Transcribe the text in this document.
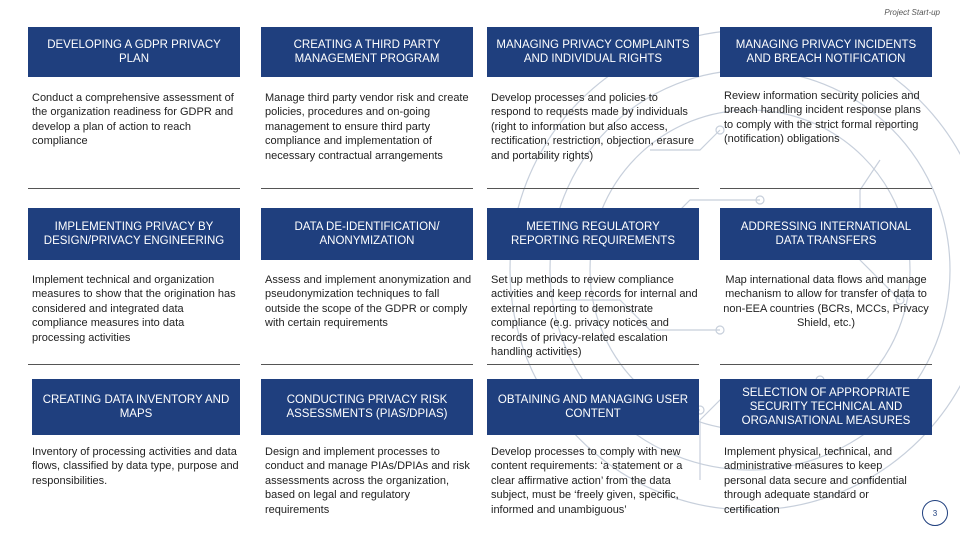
Project Start-up
DEVELOPING A GDPR PRIVACY PLAN
Conduct a comprehensive assessment of the organization readiness for GDPR and develop a plan of action to reach compliance
CREATING A THIRD PARTY MANAGEMENT PROGRAM
Manage third party vendor risk and create policies, procedures and on-going management to ensure third party compliance and implementation of necessary contractual arrangements
MANAGING PRIVACY COMPLAINTS AND INDIVIDUAL RIGHTS
Develop processes and policies to respond to requests made by individuals (right to information but also access, rectification, restriction, objection, erasure and portability rights)
MANAGING PRIVACY INCIDENTS AND BREACH NOTIFICATION
Review information security policies and breach handling incident response plans to comply with the strict formal reporting (notification) obligations
IMPLEMENTING PRIVACY BY DESIGN/PRIVACY ENGINEERING
Implement technical and organization measures to show that the origination has considered and integrated data compliance measures into data processing activities
DATA DE-IDENTIFICATION/ ANONYMIZATION
Assess and implement anonymization and pseudonymization techniques to fall outside the scope of the GDPR or comply with certain requirements
MEETING REGULATORY REPORTING REQUIREMENTS
Set up methods to review compliance activities and keep records for internal and external reporting to demonstrate compliance (e.g. privacy notices and records of privacy-related escalation handling activities)
ADDRESSING INTERNATIONAL DATA TRANSFERS
Map international data flows and manage mechanism to allow for transfer of data to non-EEA countries (BCRs, MCCs, Privacy Shield, etc.)
CREATING DATA INVENTORY AND MAPS
Inventory of processing activities and data flows, classified by data type, purpose and responsibilities.
CONDUCTING PRIVACY RISK ASSESSMENTS (PIAS/DPIAS)
Design and implement processes to conduct and manage PIAs/DPIAs and risk assessments across the organization, based on legal and regulatory requirements
OBTAINING AND MANAGING USER CONTENT
Develop processes to comply with new content requirements: ‘a statement or a clear affirmative action’ from the data subject, must be ‘freely given, specific, informed and unambiguous’
SELECTION OF APPROPRIATE SECURITY TECHNICAL AND ORGANISATIONAL MEASURES
Implement physical, technical, and administrative measures to keep personal data secure and confidential through adequate standard or certification	3
